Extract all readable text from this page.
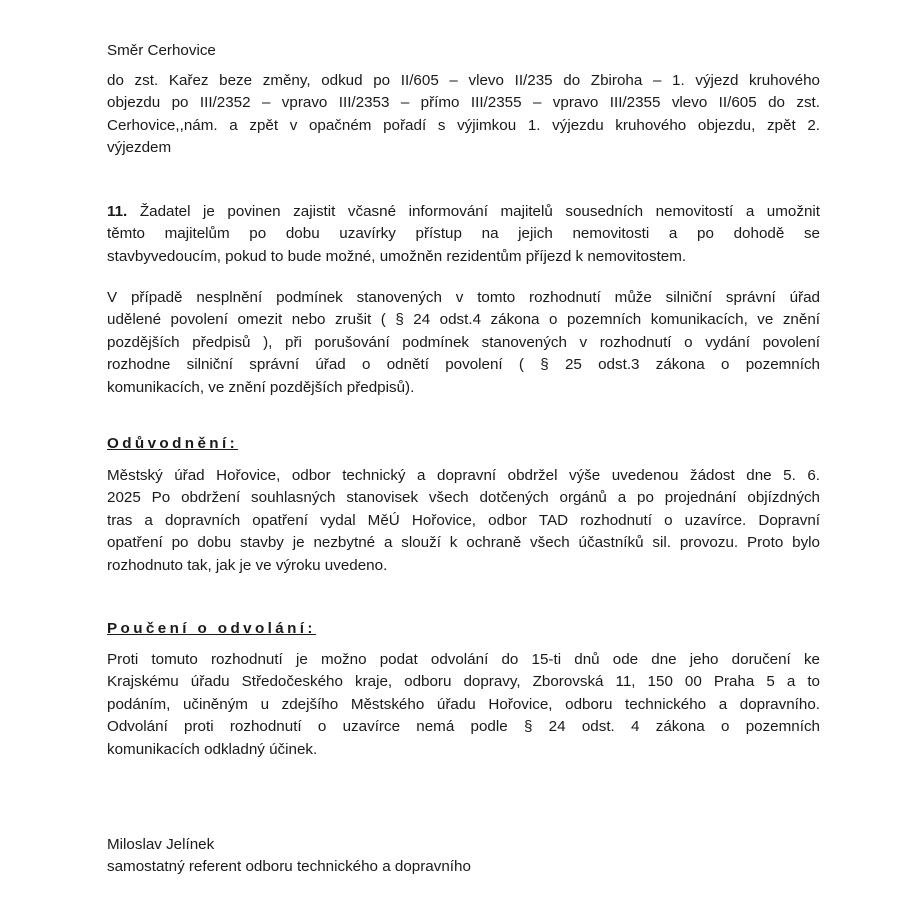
Směr Cerhovice
do zst. Kařez beze změny, odkud po II/605 – vlevo II/235 do Zbiroha – 1. výjezd kruhového
objezdu po III/2352 – vpravo III/2353 – přímo III/2355 – vpravo III/2355 vlevo II/605 do zst.
Cerhovice,,nám. a zpět v opačném pořadí s výjimkou 1. výjezdu kruhového objezdu, zpět 2.
výjezdem
11. Žadatel je povinen zajistit včasné informování majitelů sousedních nemovitostí a umožnit
těmto majitelům po dobu uzavírky přístup na jejich nemovitosti a po dohodě se
stavbyvedoucím, pokud to bude možné, umožněn rezidentům příjezd k nemovitostem.
V případě nesplnění podmínek stanovených v tomto rozhodnutí může silniční správní úřad
udělené povolení omezit nebo zrušit ( § 24 odst.4 zákona o pozemních komunikacích, ve znění
pozdějších předpisů ), při porušování podmínek stanovených v rozhodnutí o vydání povolení
rozhodne silniční správní úřad o odnětí povolení ( § 25 odst.3 zákona o pozemních
komunikacích, ve znění pozdějších předpisů).
Odůvodnění:
Městský úřad Hořovice, odbor technický a dopravní obdržel výše uvedenou žádost dne 5. 6.
2025 Po obdržení souhlasných stanovisek všech dotčených orgánů a po projednání objízdných
tras a dopravních opatření vydal MěÚ Hořovice, odbor TAD rozhodnutí o uzavírce. Dopravní
opatření po dobu stavby je nezbytné a slouží k ochraně všech účastníků sil. provozu. Proto bylo
rozhodnuto tak, jak je ve výroku uvedeno.
Poučení o odvolání:
Proti tomuto rozhodnutí je možno podat odvolání do 15-ti dnů ode dne jeho doručení ke
Krajskému úřadu Středočeského kraje, odboru dopravy, Zborovská 11, 150 00 Praha 5 a to
podáním, učiněným u zdejšího Městského úřadu Hořovice, odboru technického a dopravního.
Odvolání proti rozhodnutí o uzavírce nemá podle § 24 odst. 4 zákona o pozemních
komunikacích odkladný účinek.
Miloslav Jelínek
samostatný referent odboru technického a dopravního
